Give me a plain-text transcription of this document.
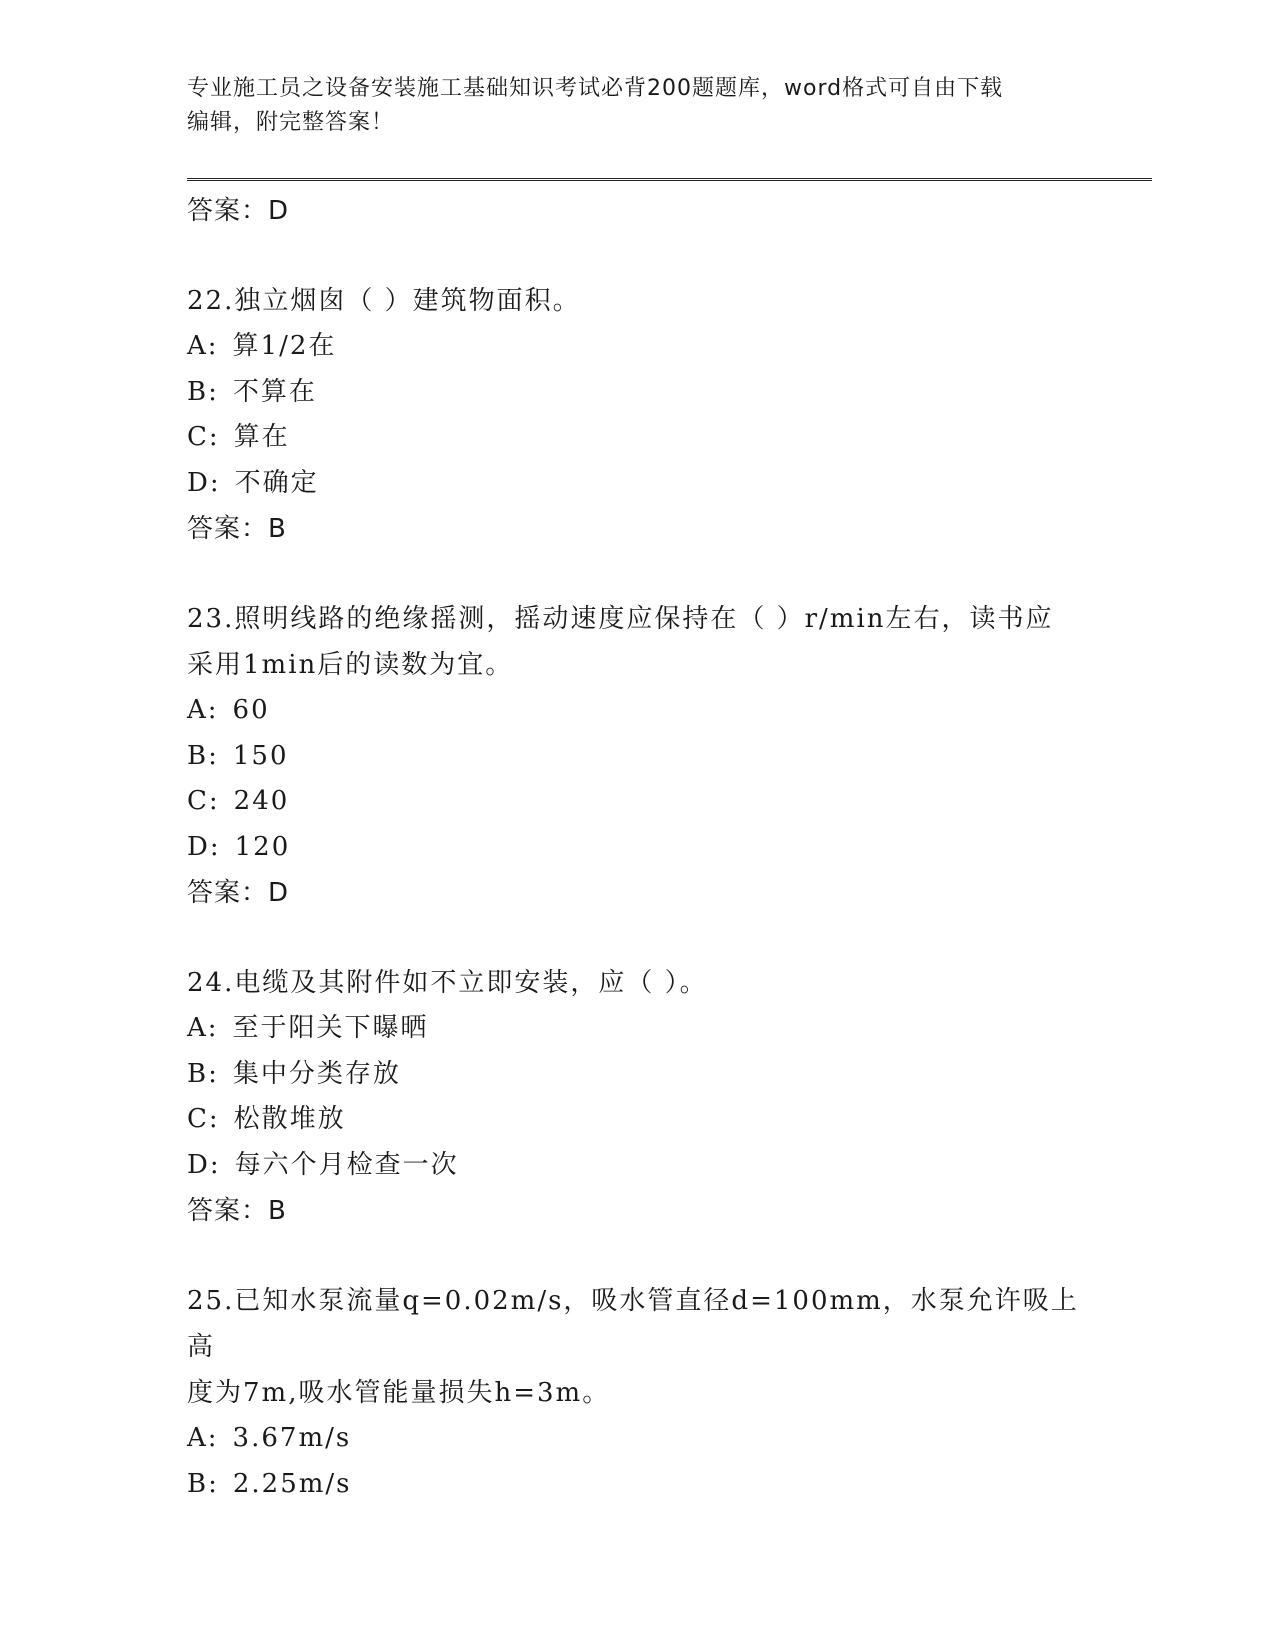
专业施工员之设备安装施工基础知识考试必背200题题库，word格式可自由下载
编辑，附完整答案！
答案：D
22.独立烟囱（ ）建筑物面积。
A: 算1/2在
B: 不算在
C: 算在
D: 不确定
答案：B
23.照明线路的绝缘摇测，摇动速度应保持在（ ）r/min左右，读书应
采用1min后的读数为宜。
A: 60
B: 150
C: 240
D: 120
答案：D
24.电缆及其附件如不立即安装，应（ ）。
A: 至于阳关下曝晒
B: 集中分类存放
C: 松散堆放
D: 每六个月检查一次
答案：B
25.已知水泵流量q=0.02m/s，吸水管直径d=100mm，水泵允许吸上高
度为7m,吸水管能量损失h=3m。
A: 3.67m/s
B: 2.25m/s
